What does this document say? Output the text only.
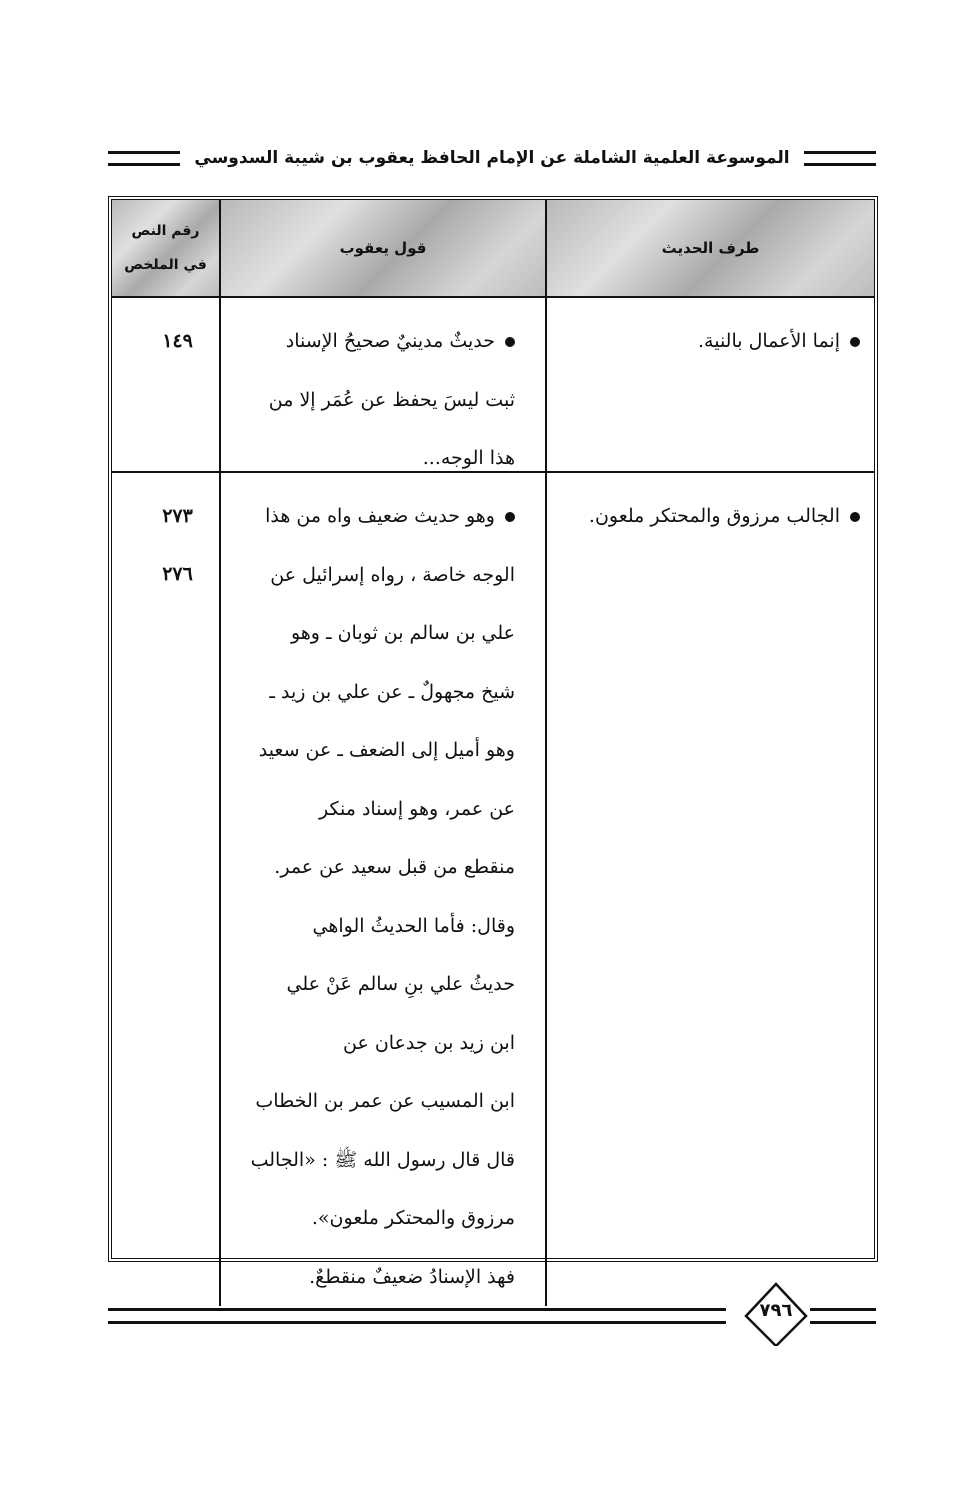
الموسوعة العلمية الشاملة عن الإمام الحافظ يعقوب بن شيبة السدوسي
طرف الحديث
قول يعقوب
رقم النص
في الملخص
إنما الأعمال بالنية.
حديثٌ مدينيٌ صحيحُ الإسناد
ثبت ليسَ يحفظ عن عُمَر إلا من
هذا الوجه...
١٤٩
الجالب مرزوق والمحتكر ملعون.
وهو حديث ضعيف واه من هذا
الوجه خاصة ، رواه إسرائيل عن
علي بن سالم بن ثوبان ـ وهو
شيخ مجهولٌ ـ عن علي بن زيد ـ
وهو أميل إلى الضعف ـ عن سعيد
عن عمر، وهو إسناد منكر
منقطع من قبل سعيد عن عمر.
وقال: فأما الحديثُ الواهي
حديثُ علي بنِ سالم عَنْ علي
ابن زيد بن جدعان عن
ابن المسيب عن عمر بن الخطاب
قال قال رسول الله ﷺ : «الجالب
مرزوق والمحتكر ملعون».
فهذ الإسنادُ ضعيفٌ منقطعٌ.
٢٧٣
٢٧٦
٧٩٦
